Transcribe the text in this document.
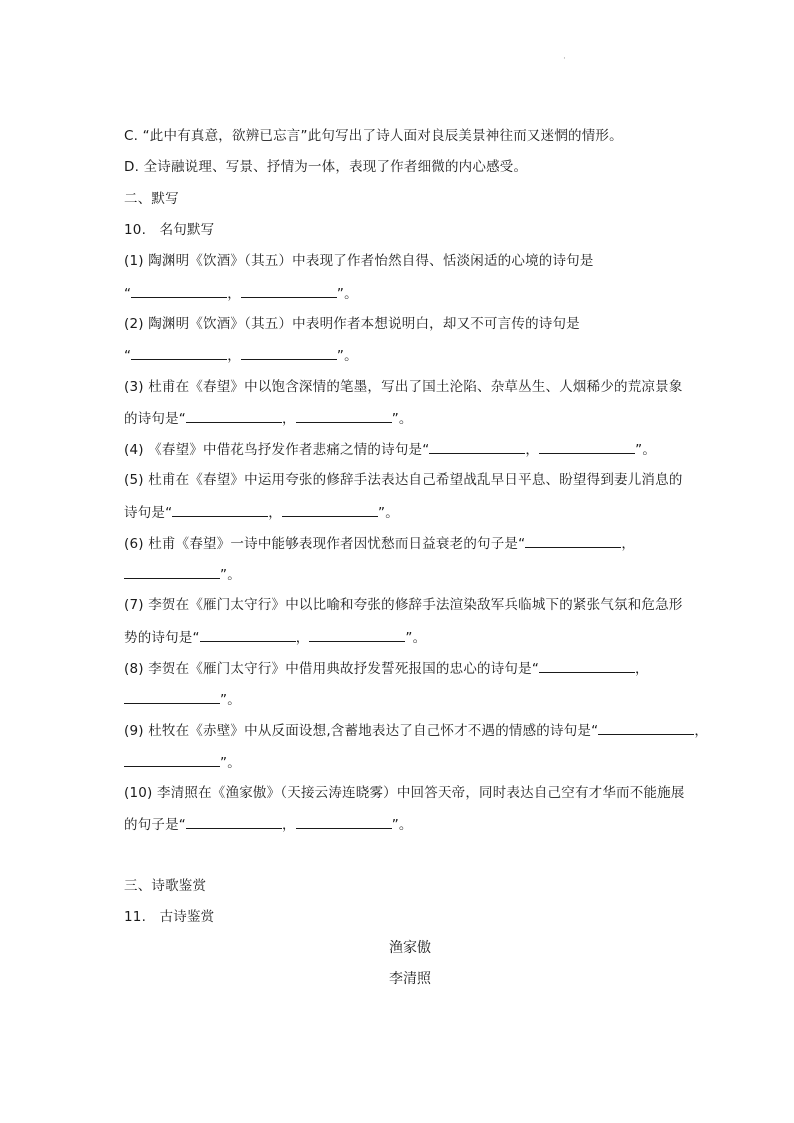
·
C. “此中有真意，欲辨已忘言”此句写出了诗人面对良辰美景神往而又迷惘的情形。
D. 全诗融说理、写景、抒情为一体，表现了作者细微的内心感受。
二、默写
10. 名句默写
(1) 陶渊明《饮酒》（其五）中表现了作者怡然自得、恬淡闲适的心境的诗句是
“	，	”。
(2) 陶渊明《饮酒》（其五）中表明作者本想说明白，却又不可言传的诗句是
“	，	”。
(3) 杜甫在《春望》中以饱含深情的笔墨，写出了国土沦陷、杂草丛生、人烟稀少的荒凉景象
的诗句是“	，	”。
(4) 《春望》中借花鸟抒发作者悲痛之情的诗句是“	，	”。
(5) 杜甫在《春望》中运用夸张的修辞手法表达自己希望战乱早日平息、盼望得到妻儿消息的
诗句是“	，	”。
(6) 杜甫《春望》一诗中能够表现作者因忧愁而日益衰老的句子是“	，
”。
(7) 李贺在《雁门太守行》中以比喻和夸张的修辞手法渲染敌军兵临城下的紧张气氛和危急形
势的诗句是“	，	”。
(8) 李贺在《雁门太守行》中借用典故抒发誓死报国的忠心的诗句是“	，
”。
(9) 杜牧在《赤壁》中从反面设想,含蓄地表达了自己怀才不遇的情感的诗句是“	，
”。
(10) 李清照在《渔家傲》（天接云涛连晓雾）中回答天帝，同时表达自己空有才华而不能施展
的句子是“	，	”。
三、诗歌鉴赏
11. 古诗鉴赏
渔家傲
李清照
